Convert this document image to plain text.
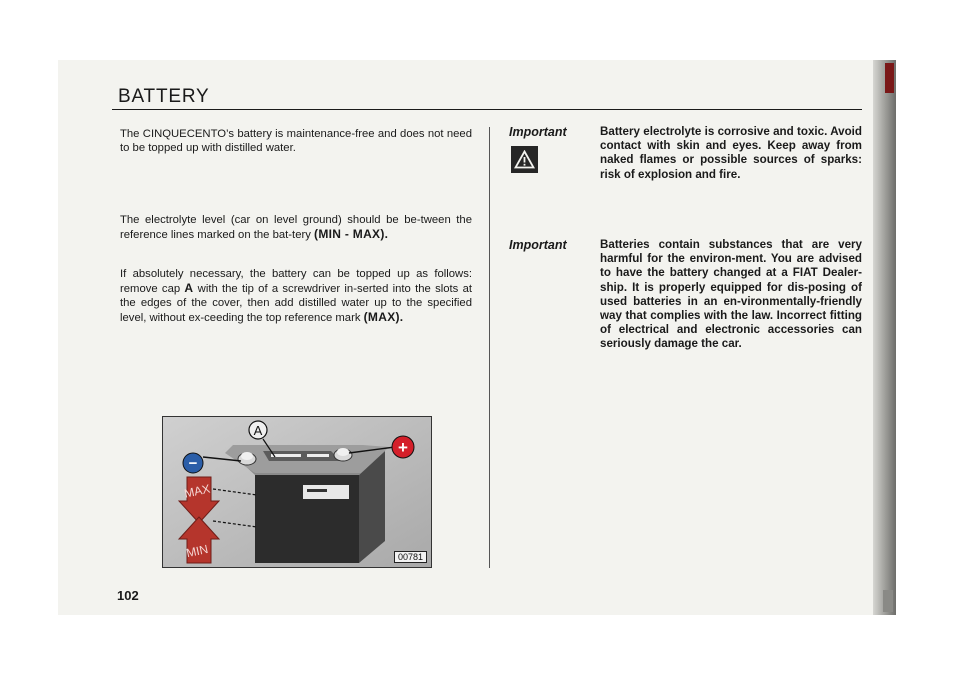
BATTERY

The CINQUECENTO’s battery is maintenance-free and does not need to be topped up with distilled water.

The electrolyte level (car on level ground) should be be-tween the reference lines marked on the bat-tery (MIN - MAX).

If absolutely necessary, the battery can be topped up as follows: remove cap A with the tip of a screwdriver in-serted into the slots at the edges of the cover, then add distilled water up to the specified level, without ex-ceeding the top reference mark (MAX).

−
+
A
MAX
MIN	00781
Important	Battery electrolyte is corrosive and toxic. Avoid contact with skin and eyes. Keep away from naked flames or possible sources of sparks: risk of explosion and fire.

Important	Batteries contain substances that are very harmful for the environ-ment. You are advised to have the battery changed at a FIAT Dealer-ship. It is properly equipped for dis-posing of used batteries in an en-vironmentally-friendly way that complies with the law. Incorrect fitting of electrical and electronic accessories can seriously damage the car.

102
